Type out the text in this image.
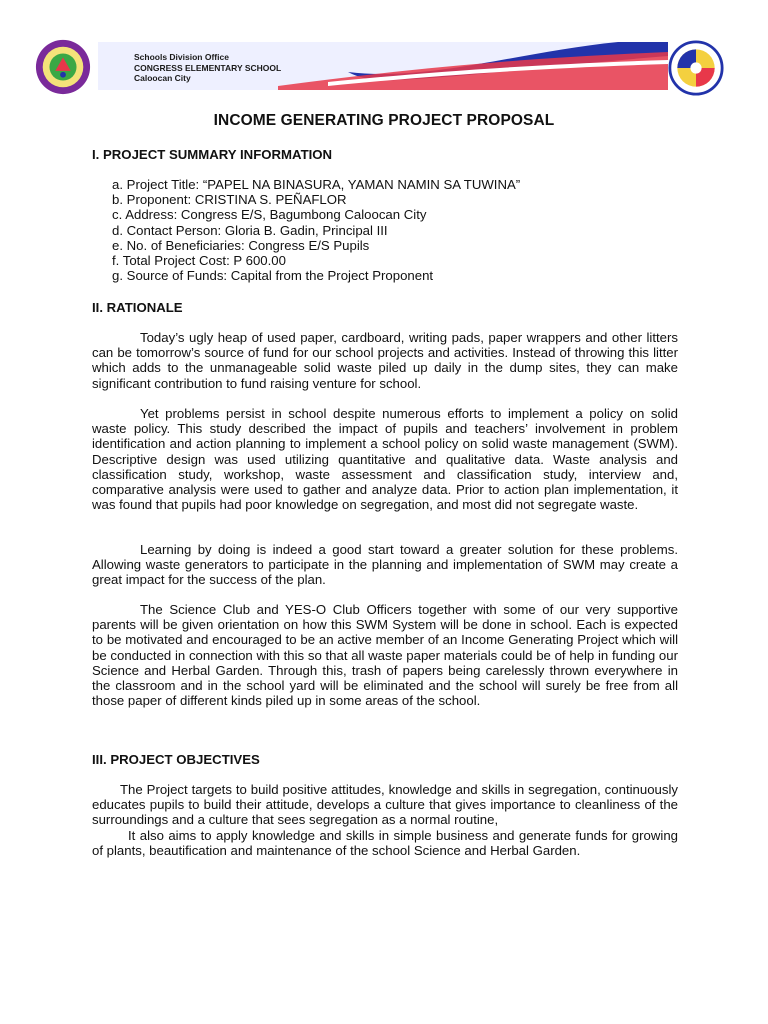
Schools Division Office
CONGRESS ELEMENTARY SCHOOL
Caloocan City
INCOME GENERATING PROJECT PROPOSAL
I. PROJECT SUMMARY INFORMATION
a. Project Title: “PAPEL NA BINASURA, YAMAN NAMIN SA TUWINA”
b. Proponent: CRISTINA S. PEÑAFLOR
c. Address: Congress E/S, Bagumbong Caloocan City
d. Contact Person: Gloria B. Gadin, Principal III
e. No. of Beneficiaries: Congress E/S Pupils
f. Total Project Cost: P 600.00
g. Source of Funds: Capital from the Project Proponent
II. RATIONALE

Today’s ugly heap of used paper, cardboard, writing pads, paper wrappers and other litters can be tomorrow’s source of fund for our school projects and activities. Instead of throwing this litter which adds to the unmanageable solid waste piled up daily in the dump sites, they can make significant contribution to fund raising venture for school.

Yet problems persist in school despite numerous efforts to implement a policy on solid waste policy. This study described the impact of pupils and teachers’ involvement in problem identification and action planning to implement a school policy on solid waste management (SWM). Descriptive design was used utilizing quantitative and qualitative data. Waste analysis and classification study, workshop, waste assessment and classification study, interview and, comparative analysis were used to gather and analyze data. Prior to action plan implementation, it was found that pupils had poor knowledge on segregation, and most did not segregate waste.

Learning by doing is indeed a good start toward a greater solution for these problems. Allowing waste generators to participate in the planning and implementation of SWM may create a great impact for the success of the plan.

The Science Club and YES-O Club Officers together with some of our very supportive parents will be given orientation on how this SWM System will be done in school. Each is expected to be motivated and encouraged to be an active member of an Income Generating Project which will be conducted in connection with this so that all waste paper materials could be of help in funding our Science and Herbal Garden. Through this, trash of papers being carelessly thrown everywhere in the classroom and in the school yard will be eliminated and the school will surely be free from all those paper of different kinds piled up in some areas of the school.

III. PROJECT OBJECTIVES

The Project targets to build positive attitudes, knowledge and skills in segregation, continuously educates pupils to build their attitude, develops a culture that gives importance to cleanliness of the surroundings and a culture that sees segregation as a normal routine,

It also aims to apply knowledge and skills in simple business and generate funds for growing of plants, beautification and maintenance of the school Science and Herbal Garden.
